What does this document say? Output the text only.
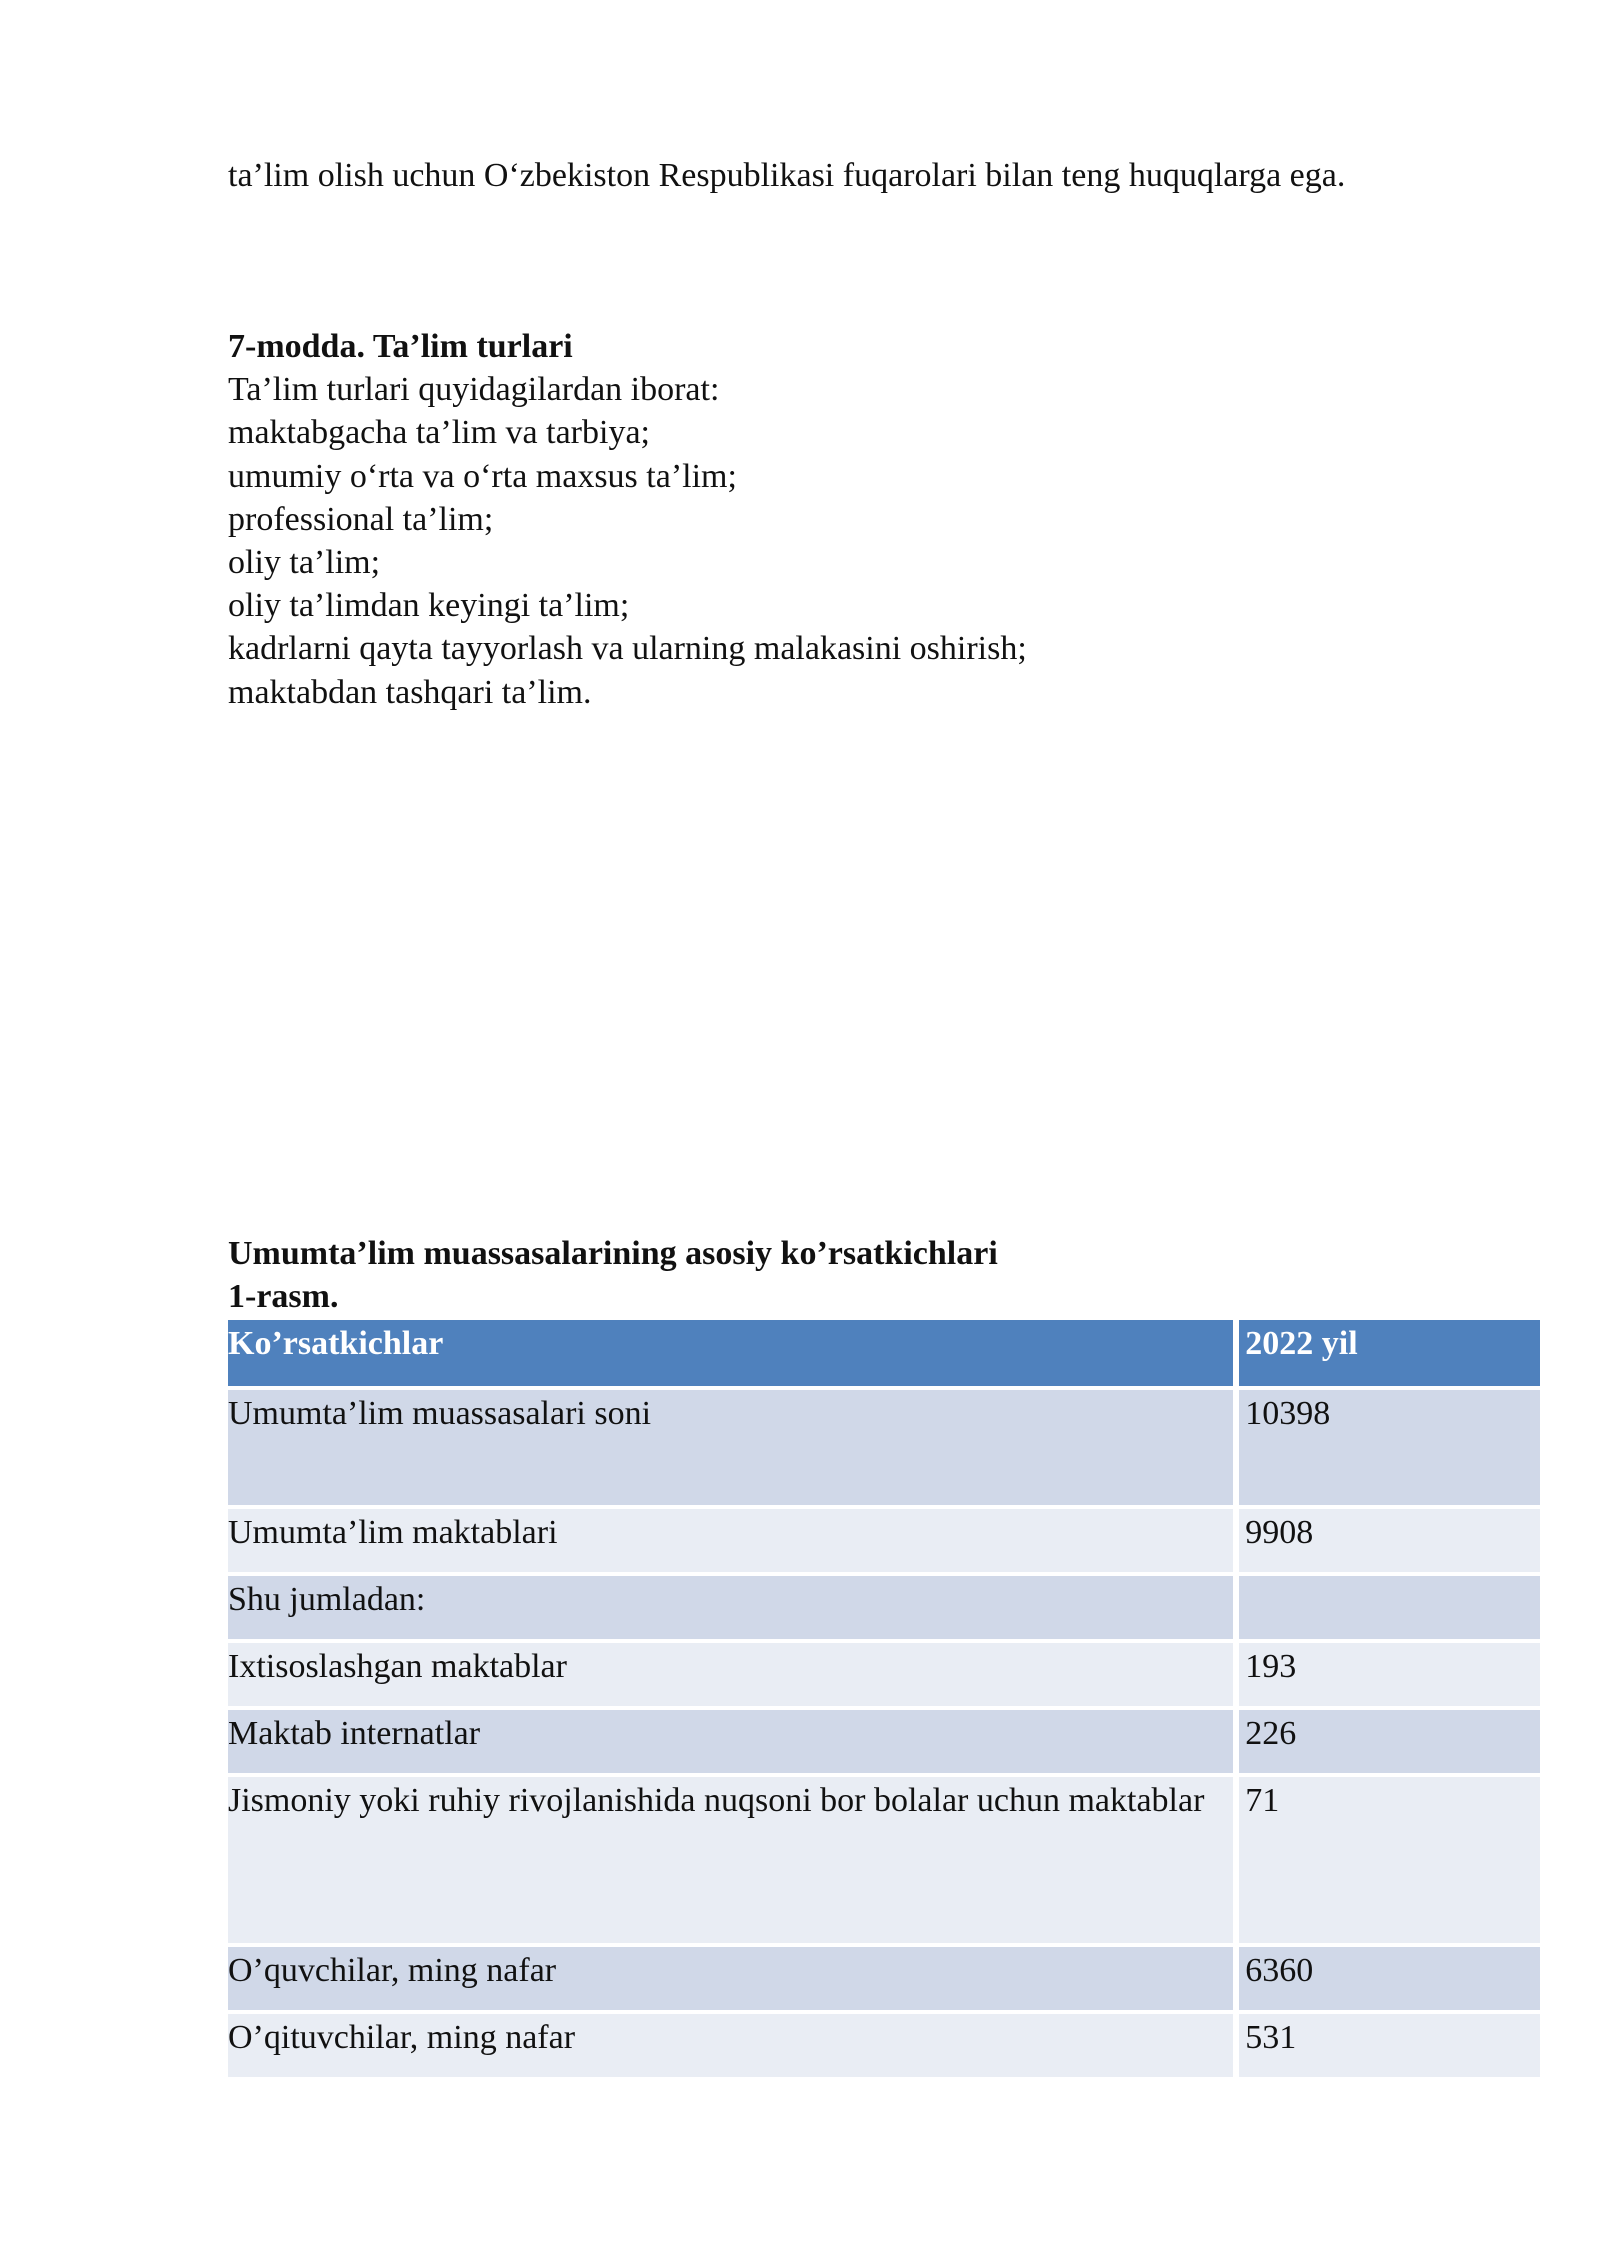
ta’lim olish uchun O‘zbekiston Respublikasi fuqarolari bilan teng huquqlarga ega.
7-modda. Ta’lim turlari
Ta’lim turlari quyidagilardan iborat:
maktabgacha ta’lim va tarbiya;
umumiy o‘rta va o‘rta maxsus ta’lim;
professional ta’lim;
oliy ta’lim;
oliy ta’limdan keyingi ta’lim;
kadrlarni qayta tayyorlash va ularning malakasini oshirish;
maktabdan tashqari ta’lim.
Umumta’lim muassasalarining asosiy ko’rsatkichlari
1-rasm.
Ko’rsatkichlar	2022 yil
Umumta’lim muassasalari soni	10398
Umumta’lim maktablari	9908
Shu jumladan:	
Ixtisoslashgan maktablar	193
Maktab internatlar	226
Jismoniy yoki ruhiy rivojlanishida nuqsoni bor bolalar uchun maktablar	71
O’quvchilar, ming nafar	6360
O’qituvchilar, ming nafar	531
